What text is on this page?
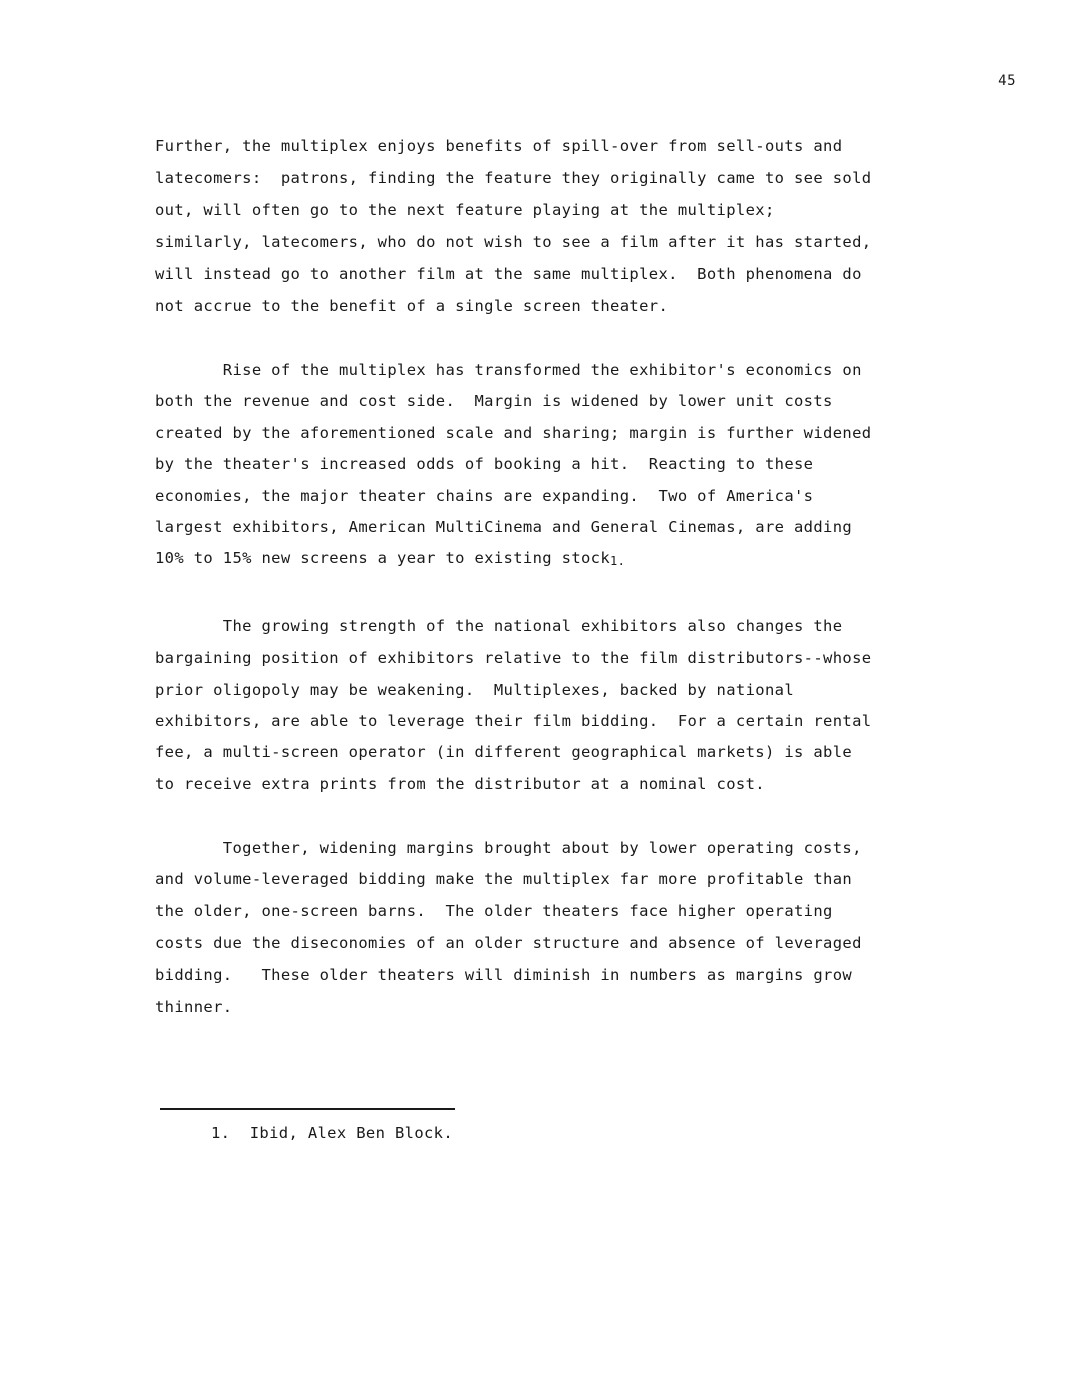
45
Further, the multiplex enjoys benefits of spill-over from sell-outs and
latecomers:  patrons, finding the feature they originally came to see sold
out, will often go to the next feature playing at the multiplex;
similarly, latecomers, who do not wish to see a film after it has started,
will instead go to another film at the same multiplex.  Both phenomena do
not accrue to the benefit of a single screen theater.
Rise of the multiplex has transformed the exhibitor's economics on
both the revenue and cost side.  Margin is widened by lower unit costs
created by the aforementioned scale and sharing; margin is further widened
by the theater's increased odds of booking a hit.  Reacting to these
economies, the major theater chains are expanding.  Two of America's
largest exhibitors, American MultiCinema and General Cinemas, are adding
10% to 15% new screens a year to existing stock1.
The growing strength of the national exhibitors also changes the
bargaining position of exhibitors relative to the film distributors--whose
prior oligopoly may be weakening.  Multiplexes, backed by national
exhibitors, are able to leverage their film bidding.  For a certain rental
fee, a multi-screen operator (in different geographical markets) is able
to receive extra prints from the distributor at a nominal cost.
Together, widening margins brought about by lower operating costs,
and volume-leveraged bidding make the multiplex far more profitable than
the older, one-screen barns.  The older theaters face higher operating
costs due the diseconomies of an older structure and absence of leveraged
bidding.   These older theaters will diminish in numbers as margins grow
thinner.
1.  Ibid, Alex Ben Block.
